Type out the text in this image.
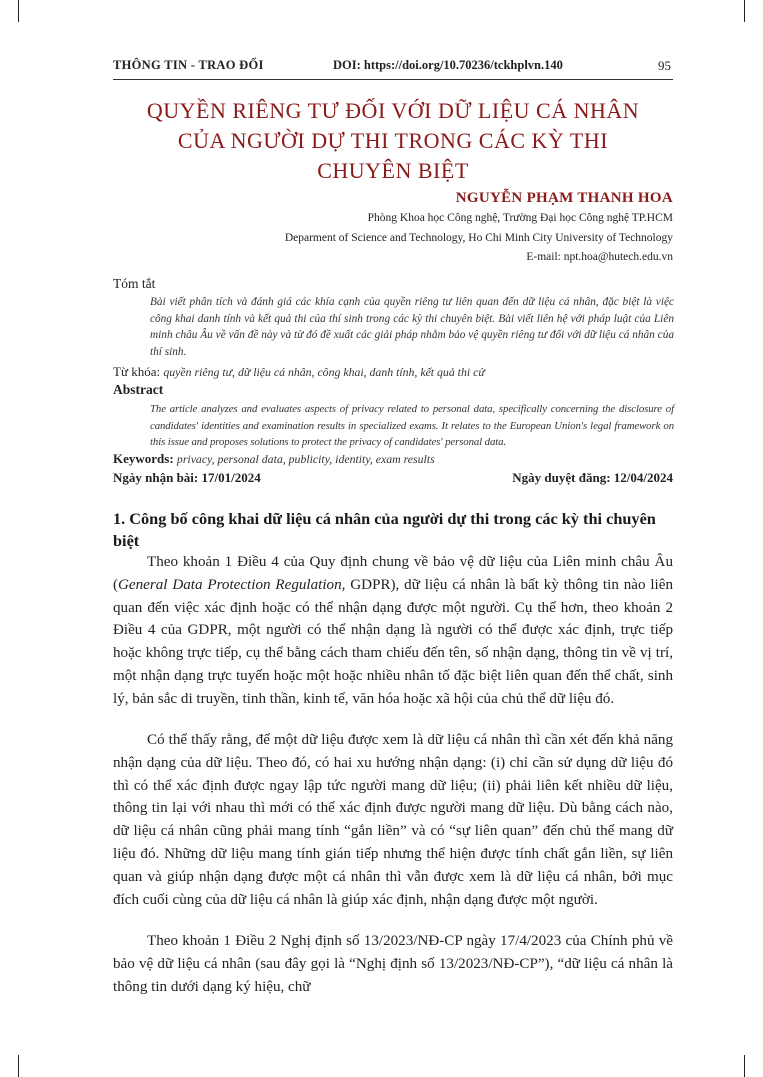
THÔNG TIN - TRAO ĐỔI	DOI: https://doi.org/10.70236/tckhplvn.140	95
QUYỀN RIÊNG TƯ ĐỐI VỚI DỮ LIỆU CÁ NHÂN
CỦA NGƯỜI DỰ THI TRONG CÁC KỲ THI
CHUYÊN BIỆT
NGUYỄN PHẠM THANH HOA
Phòng Khoa học Công nghệ, Trường Đại học Công nghệ TP.HCM
Deparment of Science and Technology, Ho Chi Minh City University of Technology
E-mail: npt.hoa@hutech.edu.vn
Tóm tắt
Bài viết phân tích và đánh giá các khía cạnh của quyền riêng tư liên quan đến dữ liệu cá nhân, đặc biệt là việc công khai danh tính và kết quả thi của thí sinh trong các kỳ thi chuyên biệt. Bài viết liên hệ với pháp luật của Liên minh châu Âu về vấn đề này và từ đó đề xuất các giải pháp nhằm bảo vệ quyền riêng tư đối với dữ liệu cá nhân của thí sinh.
Từ khóa: quyền riêng tư, dữ liệu cá nhân, công khai, danh tính, kết quả thi cử
Abstract
The article analyzes and evaluates aspects of privacy related to personal data, specifically concerning the disclosure of candidates' identities and examination results in specialized exams. It relates to the European Union's legal framework on this issue and proposes solutions to protect the privacy of candidates' personal data.
Keywords: privacy, personal data, publicity, identity, exam results
Ngày nhận bài: 17/01/2024	Ngày duyệt đăng: 12/04/2024
1. Công bố công khai dữ liệu cá nhân của người dự thi trong các kỳ thi chuyên biệt

Theo khoản 1 Điều 4 của Quy định chung về bảo vệ dữ liệu của Liên minh châu Âu (General Data Protection Regulation, GDPR), dữ liệu cá nhân là bất kỳ thông tin nào liên quan đến việc xác định hoặc có thể nhận dạng được một người. Cụ thể hơn, theo khoản 2 Điều 4 của GDPR, một người có thể nhận dạng là người có thể được xác định, trực tiếp hoặc không trực tiếp, cụ thể bằng cách tham chiếu đến tên, số nhận dạng, thông tin về vị trí, một nhận dạng trực tuyến hoặc một hoặc nhiều nhân tố đặc biệt liên quan đến thể chất, sinh lý, bản sắc di truyền, tinh thần, kinh tế, văn hóa hoặc xã hội của chủ thể dữ liệu đó.

Có thể thấy rằng, để một dữ liệu được xem là dữ liệu cá nhân thì cần xét đến khả năng nhận dạng của dữ liệu. Theo đó, có hai xu hướng nhận dạng: (i) chỉ cần sử dụng dữ liệu đó thì có thể xác định được ngay lập tức người mang dữ liệu; (ii) phải liên kết nhiều dữ liệu, thông tin lại với nhau thì mới có thể xác định được người mang dữ liệu. Dù bằng cách nào, dữ liệu cá nhân cũng phải mang tính “gắn liền” và có “sự liên quan” đến chủ thể mang dữ liệu đó. Những dữ liệu mang tính gián tiếp nhưng thể hiện được tính chất gắn liền, sự liên quan và giúp nhận dạng được một cá nhân thì vẫn được xem là dữ liệu cá nhân, bởi mục đích cuối cùng của dữ liệu cá nhân là giúp xác định, nhận dạng được một người.

Theo khoản 1 Điều 2 Nghị định số 13/2023/NĐ-CP ngày 17/4/2023 của Chính phủ về bảo vệ dữ liệu cá nhân (sau đây gọi là “Nghị định số 13/2023/NĐ-CP”), “dữ liệu cá nhân là thông tin dưới dạng ký hiệu, chữ
